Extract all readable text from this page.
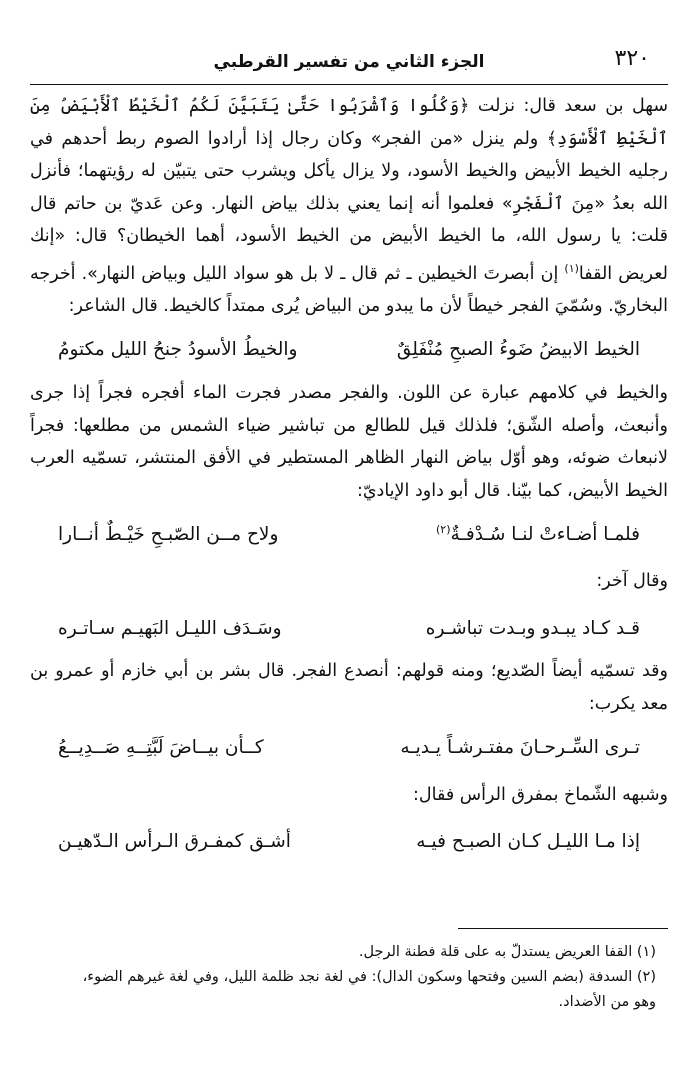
٣٢٠
الجزء الثاني من تفسير القرطبي

سهل بن سعد قال: نزلت ﴿وَكُلُوا وَٱشْرَبُوا حَتَّىٰ يَتَبَيَّنَ لَكُمُ ٱلْخَيْطُ ٱلْأَبْيَضُ مِنَ ٱلْخَيْطِ ٱلْأَسْوَدِ﴾ ولم ينزل «من الفجر» وكان رجال إذا أرادوا الصوم ربط أحدهم في رجليه الخيط الأبيض والخيط الأسود، ولا يزال يأكل ويشرب حتى يتبيّن له رؤيتهما؛ فأنزل الله بعدُ «مِنَ ٱلْفَجْرِ» فعلموا أنه إنما يعني بذلك بياض النهار. وعن عَديّ بن حاتم قال قلت: يا رسول الله، ما الخيط الأبيض من الخيط الأسود، أهما الخيطان؟ قال: «إنك لعريض القفا$^{(١)}$ إن أبصرتَ الخيطين ـ ثم قال ـ لا بل هو سواد الليل وبياض النهار». أخرجه البخاريّ. وسُمّيَ الفجر خيطاً لأن ما يبدو من البياض يُرى ممتداً كالخيط. قال الشاعر:

الخيط الابيضُ ضَوءُ الصبحِ مُنْفَلِقٌ
والخيطُ الأسودُ جنحُ الليل مكتومُ

والخيط في كلامهم عبارة عن اللون. والفجر مصدر فجرت الماء أفجره فجراً إذا جرى وأنبعث، وأصله الشّق؛ فلذلك قيل للطالع من تباشير ضياء الشمس من مطلعها: فجراً لانبعاث ضوئه، وهو أوّل بياض النهار الظاهر المستطير في الأفق المنتشر، تسمّيه العرب الخيط الأبيض، كما بيّنا. قال أبو داود الإياديّ:

فلمـا أضـاءتْ لنـا سُـدْفـةٌ$^{(٢)}$
ولاح مــن الصّبـحِ خَيْـطٌ أنــارا

وقال آخر:

قـد كـاد يبـدو وبـدت تباشـره
وسَـدَف الليـل البَهيـم سـاتـره

وقد تسمّيه أيضاً الصّديع؛ ومنه قولهم: أنصدع الفجر. قال بشر بن أبي خازم أو عمرو بن معد يكرب:

تـرى السِّـرحـانَ مفتـرشـاً يـديـه
كــأن بيــاضَ لَبَّتِــهِ صَــدِيــعُ

وشبهه الشّماخ بمفرق الرأس فقال:

إذا مـا الليـل كـان الصبـح فيـه
أشـق كمفـرق الـرأس الـدّهيـن

(١) القفا العريض يستدلّ به على قلة فطنة الرجل.

(٢) السدفة (بضم السين وفتحها وسكون الدال): في لغة نجد ظلمة الليل، وفي لغة غيرهم الضوء،

وهو من الأضداد.
